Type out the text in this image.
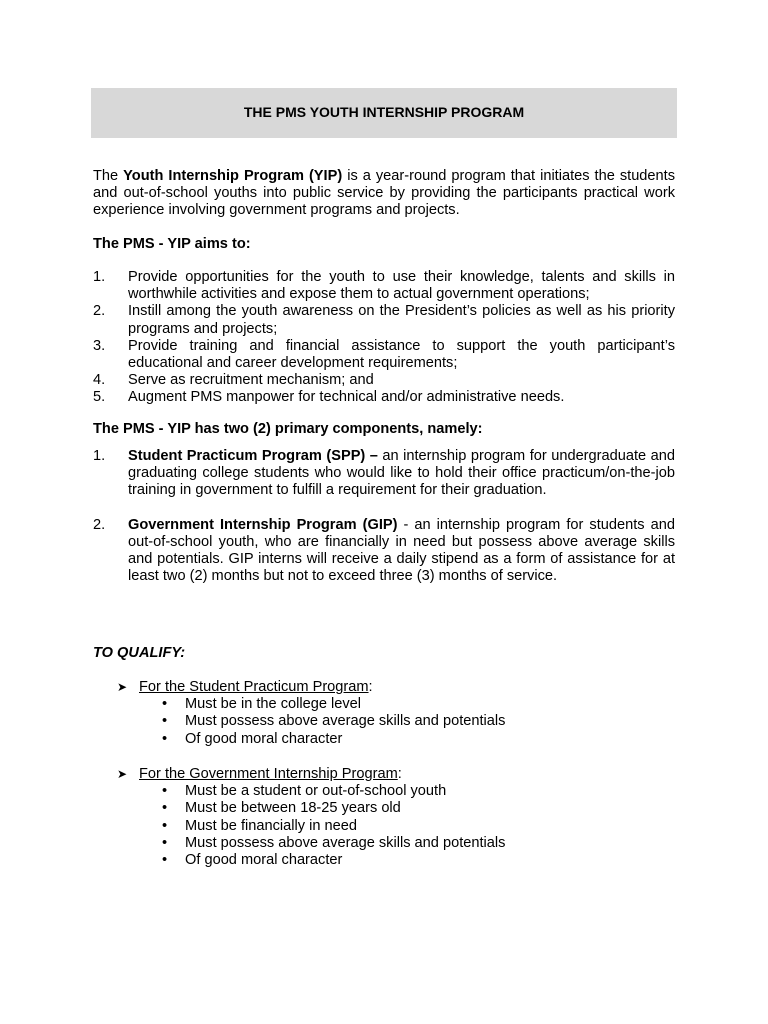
THE PMS YOUTH INTERNSHIP PROGRAM

The Youth Internship Program (YIP) is a year-round program that initiates the students and out-of-school youths into public service by providing the participants practical work experience involving government programs and projects.

The PMS - YIP aims to:
1.	Provide opportunities for the youth to use their knowledge, talents and skills in worthwhile activities and expose them to actual government operations;
2.	Instill among the youth awareness on the President’s policies as well as his priority programs and projects;
3.	Provide training and financial assistance to support the youth participant’s educational and career development requirements;
4.	Serve as recruitment mechanism; and
5.	Augment PMS manpower for technical and/or administrative needs.
The PMS - YIP has two (2) primary components, namely:
1.	Student Practicum Program (SPP) – an internship program for undergraduate and graduating college students who would like to hold their office practicum/on-the-job training in government to fulfill a requirement for their graduation.
2.	Government Internship Program (GIP) - an internship program for students and out-of-school youth, who are financially in need but possess above average skills and potentials. GIP interns will receive a daily stipend as a form of assistance for at least two (2) months but not to exceed three (3) months of service.
TO QUALIFY:
➤ For the Student Practicum Program:
•	Must be in the college level
•	Must possess above average skills and potentials
•	Of good moral character
➤ For the Government Internship Program:
•	Must be a student or out-of-school youth
•	Must be between 18-25 years old
•	Must be financially in need
•	Must possess above average skills and potentials
•	Of good moral character
